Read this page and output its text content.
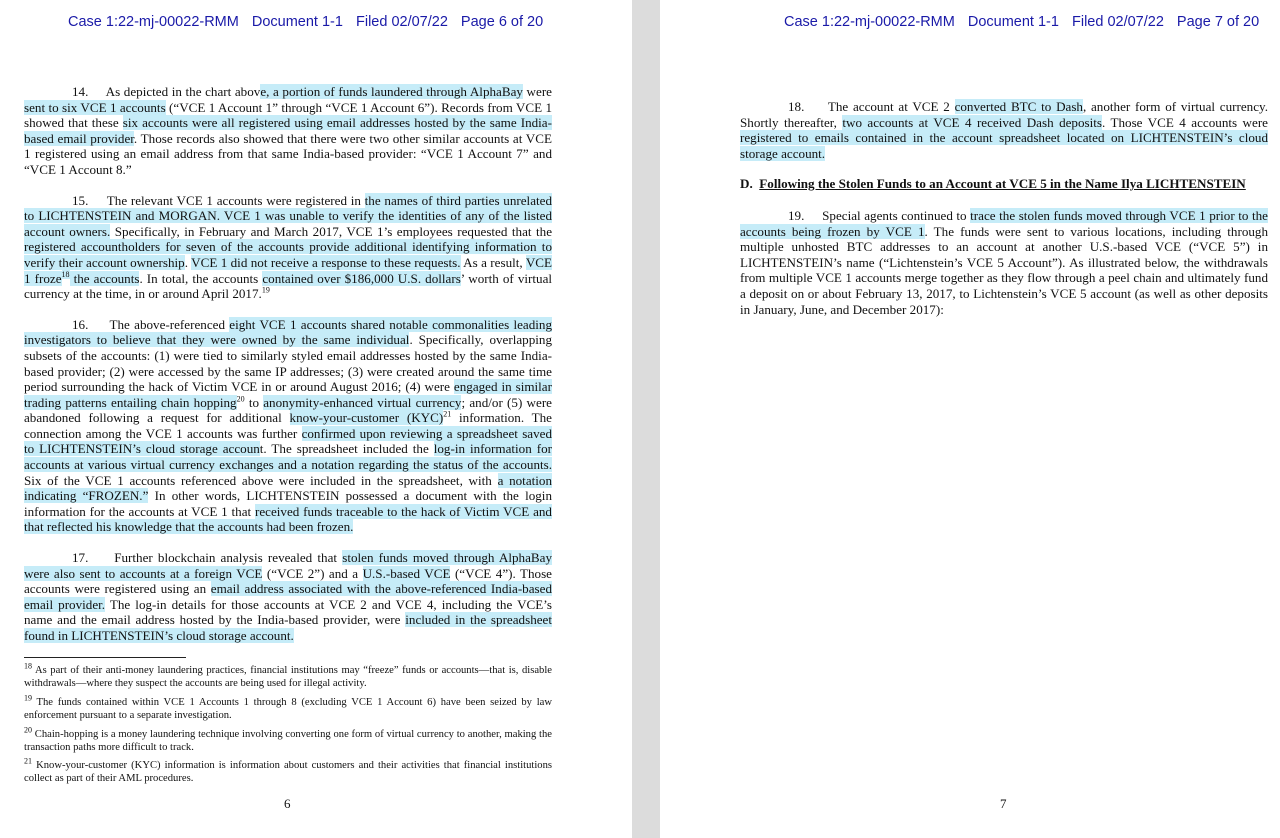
Case 1:22-mj-00022-RMM Document 1-1 Filed 02/07/22 Page 6 of 20

14. As depicted in the chart above, a portion of funds laundered through AlphaBay were sent to six VCE 1 accounts (“VCE 1 Account 1” through “VCE 1 Account 6”). Records from VCE 1 showed that these six accounts were all registered using email addresses hosted by the same India-based email provider. Those records also showed that there were two other similar accounts at VCE 1 registered using an email address from that same India-based provider: “VCE 1 Account 7” and “VCE 1 Account 8.”

15. The relevant VCE 1 accounts were registered in the names of third parties unrelated to LICHTENSTEIN and MORGAN. VCE 1 was unable to verify the identities of any of the listed account owners. Specifically, in February and March 2017, VCE 1’s employees requested that the registered accountholders for seven of the accounts provide additional identifying information to verify their account ownership. VCE 1 did not receive a response to these requests. As a result, VCE 1 froze$^{18}$ the accounts. In total, the accounts contained over $186,000 U.S. dollars’ worth of virtual currency at the time, in or around April 2017.19

16. The above-referenced eight VCE 1 accounts shared notable commonalities leading investigators to believe that they were owned by the same individual. Specifically, overlapping subsets of the accounts: (1) were tied to similarly styled email addresses hosted by the same India-based provider; (2) were accessed by the same IP addresses; (3) were created around the same time period surrounding the hack of Victim VCE in or around August 2016; (4) were engaged in similar trading patterns entailing chain hopping$^{20}$ to anonymity-enhanced virtual currency; and/or (5) were abandoned following a request for additional know-your-customer (KYC)$^{21}$ information. The connection among the VCE 1 accounts was further confirmed upon reviewing a spreadsheet saved to LICHTENSTEIN’s cloud storage account. The spreadsheet included the log-in information for accounts at various virtual currency exchanges and a notation regarding the status of the accounts. Six of the VCE 1 accounts referenced above were included in the spreadsheet, with a notation indicating “FROZEN.” In other words, LICHTENSTEIN possessed a document with the login information for the accounts at VCE 1 that received funds traceable to the hack of Victim VCE and that reflected his knowledge that the accounts had been frozen.

17. Further blockchain analysis revealed that stolen funds moved through AlphaBay were also sent to accounts at a foreign VCE (“VCE 2”) and a U.S.-based VCE (“VCE 4”). Those accounts were registered using an email address associated with the above-referenced India-based email provider. The log-in details for those accounts at VCE 2 and VCE 4, including the VCE’s name and the email address hosted by the India-based provider, were included in the spreadsheet found in LICHTENSTEIN’s cloud storage account.

$^{18}$ As part of their anti-money laundering practices, financial institutions may “freeze” funds or accounts—that is, disable withdrawals—where they suspect the accounts are being used for illegal activity.
$^{19}$ The funds contained within VCE 1 Accounts 1 through 8 (excluding VCE 1 Account 6) have been seized by law enforcement pursuant to a separate investigation.
$^{20}$ Chain-hopping is a money laundering technique involving converting one form of virtual currency to another, making the transaction paths more difficult to track.
$^{21}$ Know-your-customer (KYC) information is information about customers and their activities that financial institutions collect as part of their AML procedures.
6
Case 1:22-mj-00022-RMM Document 1-1 Filed 02/07/22 Page 7 of 20

18. The account at VCE 2 converted BTC to Dash, another form of virtual currency. Shortly thereafter, two accounts at VCE 4 received Dash deposits. Those VCE 4 accounts were registered to emails contained in the account spreadsheet located on LICHTENSTEIN’s cloud storage account.

D. Following the Stolen Funds to an Account at VCE 5 in the Name Ilya LICHTENSTEIN

19. Special agents continued to trace the stolen funds moved through VCE 1 prior to the accounts being frozen by VCE 1. The funds were sent to various locations, including through multiple unhosted BTC addresses to an account at another U.S.-based VCE (“VCE 5”) in LICHTENSTEIN’s name (“Lichtenstein’s VCE 5 Account”). As illustrated below, the withdrawals from multiple VCE 1 accounts merge together as they flow through a peel chain and ultimately fund a deposit on or about February 13, 2017, to Lichtenstein’s VCE 5 account (as well as other deposits in January, June, and December 2017):

7
